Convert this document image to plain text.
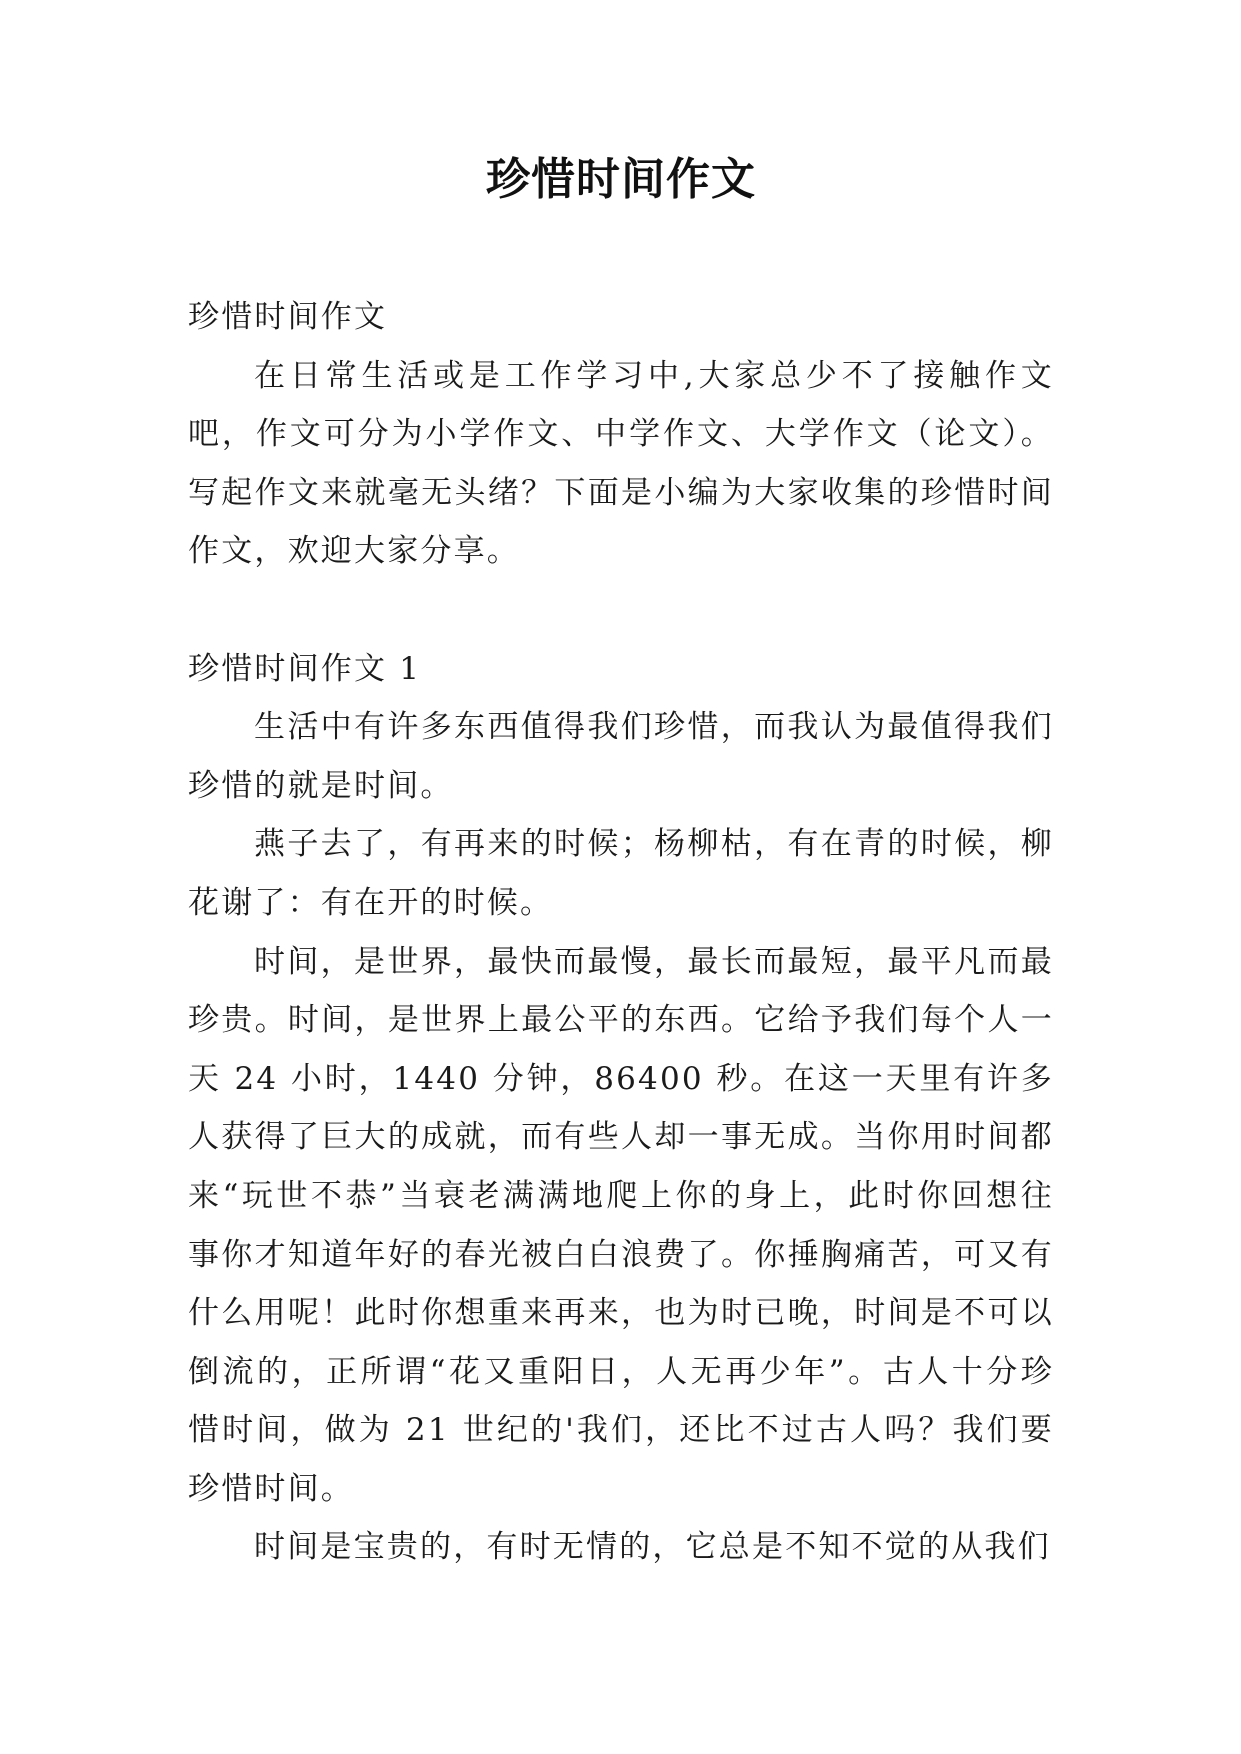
珍惜时间作文

珍惜时间作文

在日常生活或是工作学习中,大家总少不了接触作文吧，作文可分为小学作文、中学作文、大学作文（论文）。写起作文来就毫无头绪？下面是小编为大家收集的珍惜时间作文，欢迎大家分享。

珍惜时间作文 1

生活中有许多东西值得我们珍惜，而我认为最值得我们珍惜的就是时间。

燕子去了，有再来的时候；杨柳枯，有在青的时候，柳花谢了：有在开的时候。

时间，是世界，最快而最慢，最长而最短，最平凡而最珍贵。时间，是世界上最公平的东西。它给予我们每个人一天 24 小时，1440 分钟，86400 秒。在这一天里有许多人获得了巨大的成就，而有些人却一事无成。当你用时间都来“玩世不恭”当衰老满满地爬上你的身上，此时你回想往事你才知道年好的春光被白白浪费了。你捶胸痛苦，可又有什么用呢！此时你想重来再来，也为时已晚，时间是不可以倒流的，正所谓“花又重阳日，人无再少年”。古人十分珍惜时间，做为 21 世纪的'我们，还比不过古人吗？我们要珍惜时间。

时间是宝贵的，有时无情的，它总是不知不觉的从我们
